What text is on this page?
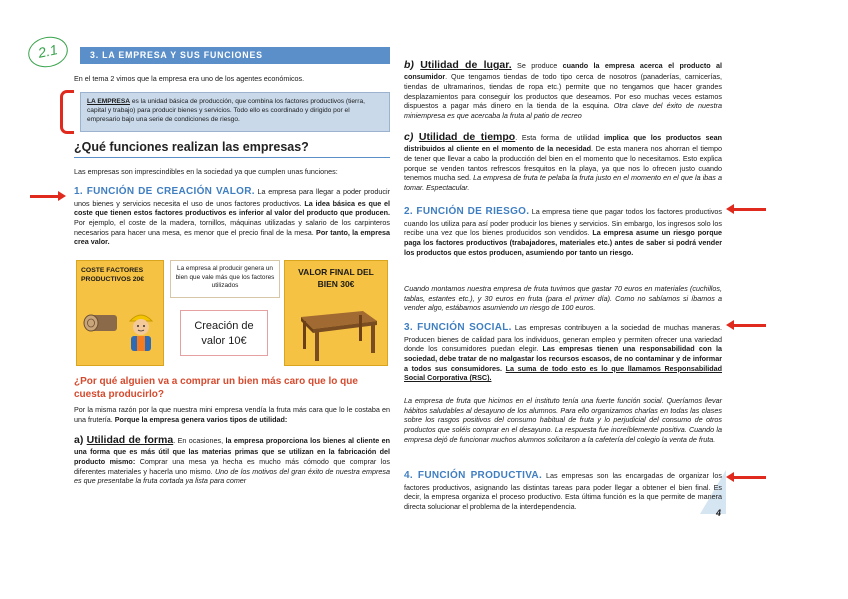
2.1	3. LA EMPRESA Y SUS FUNCIONES

En el tema 2 vimos que la empresa era uno de los agentes económicos.

LA EMPRESA es la unidad básica de producción, que combina los factores productivos (tierra, capital y trabajo) para producir bienes y servicios. Todo ello es coordinado y dirigido por el empresario bajo una serie de condiciones de riesgo.
¿Qué funciones realizan las empresas?

Las empresas son imprescindibles en la sociedad ya que cumplen unas funciones:

1. FUNCIÓN DE CREACIÓN VALOR. La empresa para llegar a poder producir unos bienes y servicios necesita el uso de unos factores productivos. La idea básica es que el coste que tienen estos factores productivos es inferior al valor del producto que producen. Por ejemplo, el coste de la madera, tornillos, máquinas utilizadas y salario de los carpinteros necesarios para hacer una mesa, es menor que el precio final de la mesa. Por tanto, la empresa crea valor.
COSTE FACTORES PRODUCTIVOS 20€
La empresa al producir genera un bien que vale más que los factores utilizados
Creación de valor 10€
VALOR FINAL DEL BIEN 30€
¿Por qué alguien va a comprar un bien más caro que lo que cuesta producirlo?
Por la misma razón por la que nuestra mini empresa vendía la fruta más cara que lo le costaba en una frutería. Porque la empresa genera varios tipos de utilidad:
a) Utilidad de forma. En ocasiones, la empresa proporciona los bienes al cliente en una forma que es más útil que las materias primas que se utilizan en la fabricación del producto mismo: Comprar una mesa ya hecha es mucho más cómodo que comprar los diferentes materiales y hacerla uno mismo. Uno de los motivos del gran éxito de nuestra empresa es que presentabe la fruta cortada ya lista para comer
b) Utilidad de lugar. Se produce cuando la empresa acerca el producto al consumidor. Que tengamos tiendas de todo tipo cerca de nosotros (panaderías, carnicerías, tiendas de ultramarinos, tiendas de ropa etc.) permite que no tengamos que hacer grandes desplazamientos para conseguir los productos que deseamos. Por eso muchas veces estamos dispuestos a pagar más dinero en la tienda de la esquina. Otra clave del éxito de nuestra miniempresa es que acercaba la fruta al patio de recreo
c) Utilidad de tiempo. Esta forma de utilidad implica que los productos sean distribuidos al cliente en el momento de la necesidad. De esta manera nos ahorran el tiempo de tener que llevar a cabo la producción del bien en el momento que lo necesitamos. Esto explica porque se venden tantos refrescos fresquitos en la playa, ya que nos lo ofrecen justo cuando tenemos mucha sed. La empresa de fruta te pelaba la fruta justo en el momento en el que la ibas a tomar. Espectacular.
2. FUNCIÓN DE RIESGO. La empresa tiene que pagar todos los factores productivos cuando los utiliza para así poder producir los bienes y servicios. Sin embargo, los ingresos solo los recibe una vez que los bienes producidos son vendidos. La empresa asume un riesgo porque paga los factores productivos (trabajadores, materiales etc.) antes de saber si podrá vender los productos que estos producen, asumiendo por tanto un riesgo.
Cuando montamos nuestra empresa de fruta tuvimos que gastar 70 euros en materiales (cuchillos, tablas, estantes etc.), y 30 euros en fruta (para el primer día). Como no sabíamos si íbamos a vender algo, estábamos asumiendo un riesgo de 100 euros.
3. FUNCIÓN SOCIAL. Las empresas contribuyen a la sociedad de muchas maneras. Producen bienes de calidad para los individuos, generan empleo y permiten ofrecer una variedad donde los consumidores puedan elegir. Las empresas tienen una responsabilidad con la sociedad, debe tratar de no malgastar los recursos escasos, de no contaminar y de informar a todos sus consumidores. La suma de todo esto es lo que llamamos Responsabilidad Social Corporativa (RSC).
La empresa de fruta que hicimos en el instituto tenía una fuerte función social. Queríamos llevar hábitos saludables al desayuno de los alumnos. Para ello organizamos charlas en todas las clases sobre los rasgos positivos del consumo habitual de fruta y lo perjudicial del consumo de otros productos que soléis comprar en el desayuno. La respuesta fue increíblemente positiva. Cuando la empresa dejó de funcionar muchos alumnos solicitaron a la cafetería del colegio la venta de fruta.
4. FUNCIÓN PRODUCTIVA. Las empresas son las encargadas de organizar los factores productivos, asignando las distintas tareas para poder llegar a obtener el bien final. Es decir, la empresa organiza el proceso productivo. Esta última función es la que permite de manera directa solucionar el problema de la interdependencia.
4
